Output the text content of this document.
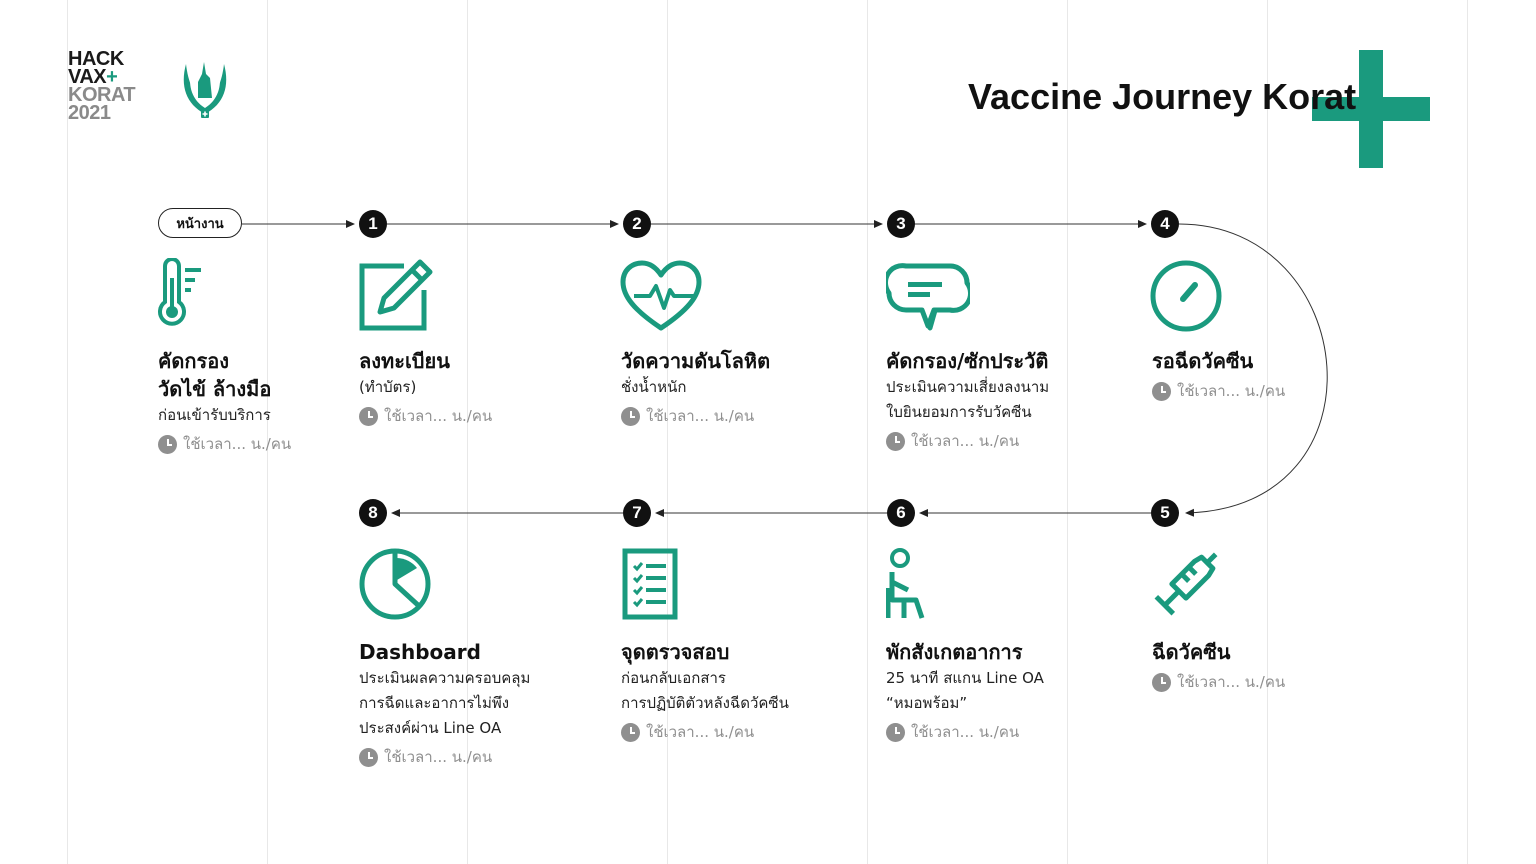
HACK
VAX+
KORAT
2021	Vaccine Journey Korat
หน้างาน	1	2	3	4
5
6
7
8
คัดกรอง
วัดไข้ ล้างมือ
ก่อนเข้ารับบริการ
ใช้เวลา... น./คน
ลงทะเบียน
(ทำบัตร)
ใช้เวลา... น./คน
วัดความดันโลหิต
ชั่งน้ำหนัก
ใช้เวลา... น./คน
คัดกรอง/ซักประวัติ
ประเมินความเสี่ยงลงนาม
ใบยินยอมการรับวัคซีน
ใช้เวลา... น./คน
รอฉีดวัคซีน
ใช้เวลา... น./คน
ฉีดวัคซีน
ใช้เวลา... น./คน
พักสังเกตอาการ
25 นาที สแกน Line OA
“หมอพร้อม”
ใช้เวลา... น./คน
จุดตรวจสอบ
ก่อนกลับเอกสาร
การปฏิบัติตัวหลังฉีดวัคซีน
ใช้เวลา... น./คน
Dashboard
ประเมินผลความครอบคลุม
การฉีดและอาการไม่พึง
ประสงค์ผ่าน Line OA
ใช้เวลา... น./คน
